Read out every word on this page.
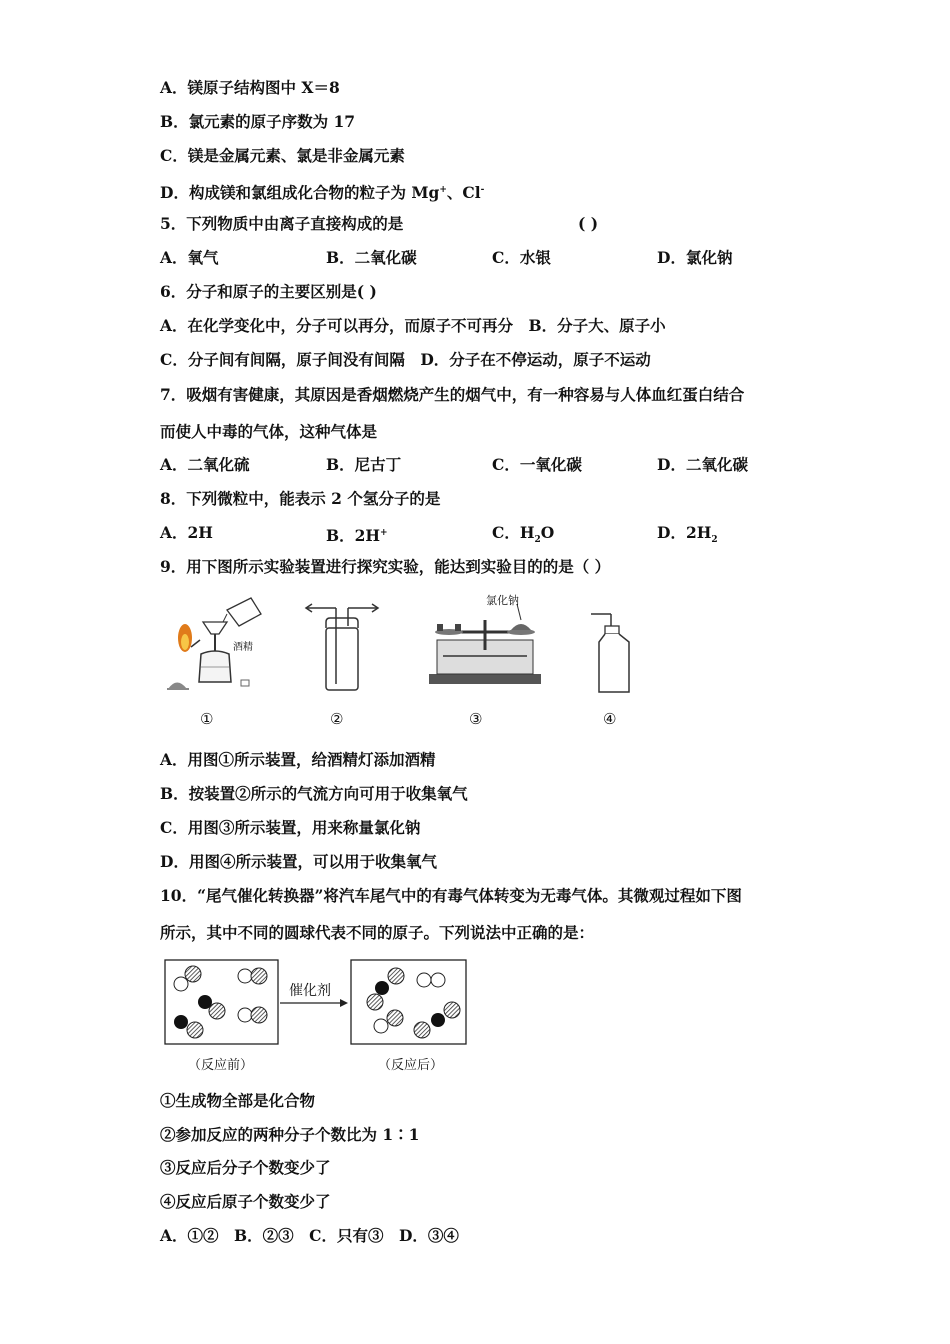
A．镁原子结构图中 X＝8
B．氯元素的原子序数为 17
C．镁是金属元素、氯是非金属元素
D．构成镁和氯组成化合物的粒子为 Mg+、Cl-
5．下列物质中由离子直接构成的是	( )
A．氧气	B．二氧化碳	C．水银	D．氯化钠
6．分子和原子的主要区别是( )
A．在化学变化中，分子可以再分，而原子不可再分　B．分子大、原子小
C．分子间有间隔，原子间没有间隔　D．分子在不停运动，原子不运动
7．吸烟有害健康，其原因是香烟燃烧产生的烟气中，有一种容易与人体血红蛋白结合
而使人中毒的气体，这种气体是
A．二氧化硫	B．尼古丁	C．一氧化碳	D．二氧化碳
8．下列微粒中，能表示 2 个氢分子的是
A．2H	B．2H+	C．$H_2O$	D．$2H_2$
9．用下图所示实验装置进行探究实验，能达到实验目的的是（ ）
酒精
氯化钠
①	②	③	④
A．用图①所示装置，给酒精灯添加酒精
B．按装置②所示的气流方向可用于收集氧气
C．用图③所示装置，用来称量氯化钠
D．用图④所示装置，可以用于收集氧气
10．“尾气催化转换器”将汽车尾气中的有毒气体转变为无毒气体。其微观过程如下图
所示，其中不同的圆球代表不同的原子。下列说法中正确的是：
催化剂
（反应前）	（反应后）
①生成物全部是化合物
②参加反应的两种分子个数比为 1∶1
③反应后分子个数变少了
④反应后原子个数变少了
A．①②　B．②③　C．只有③　D．③④
